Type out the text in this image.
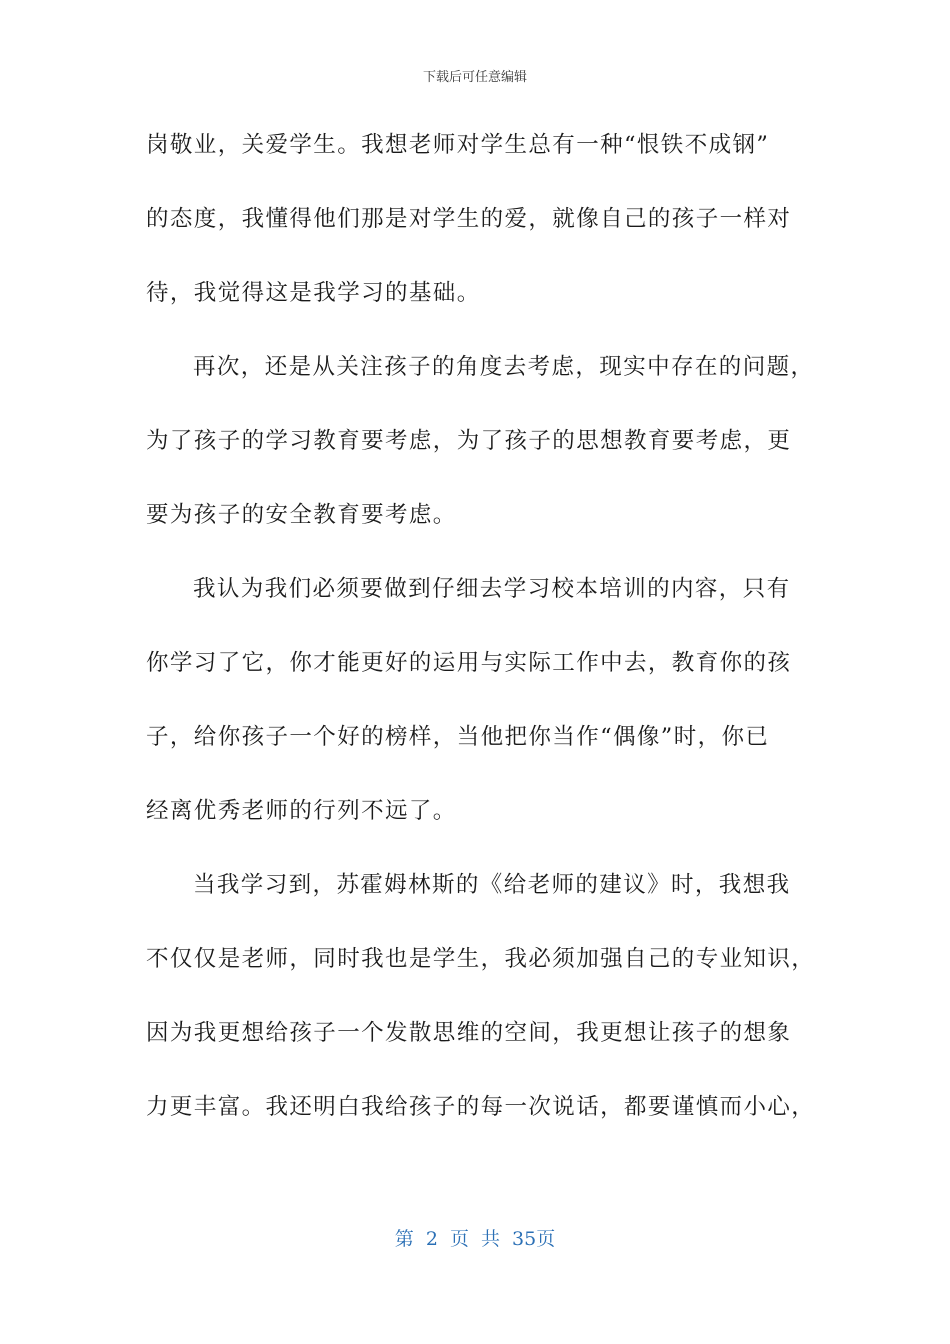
下载后可任意编辑
岗敬业，关爱学生。我想老师对学生总有一种“恨铁不成钢”
的态度，我懂得他们那是对学生的爱，就像自己的孩子一样对
待，我觉得这是我学习的基础。
再次，还是从关注孩子的角度去考虑，现实中存在的问题，
为了孩子的学习教育要考虑，为了孩子的思想教育要考虑，更
要为孩子的安全教育要考虑。
我认为我们必须要做到仔细去学习校本培训的内容，只有
你学习了它，你才能更好的运用与实际工作中去，教育你的孩
子，给你孩子一个好的榜样，当他把你当作“偶像”时，你已
经离优秀老师的行列不远了。
当我学习到，苏霍姆林斯的《给老师的建议》时，我想我
不仅仅是老师，同时我也是学生，我必须加强自己的专业知识，
因为我更想给孩子一个发散思维的空间，我更想让孩子的想象
力更丰富。我还明白我给孩子的每一次说话，都要谨慎而小心，
第 2 页 共 35页
